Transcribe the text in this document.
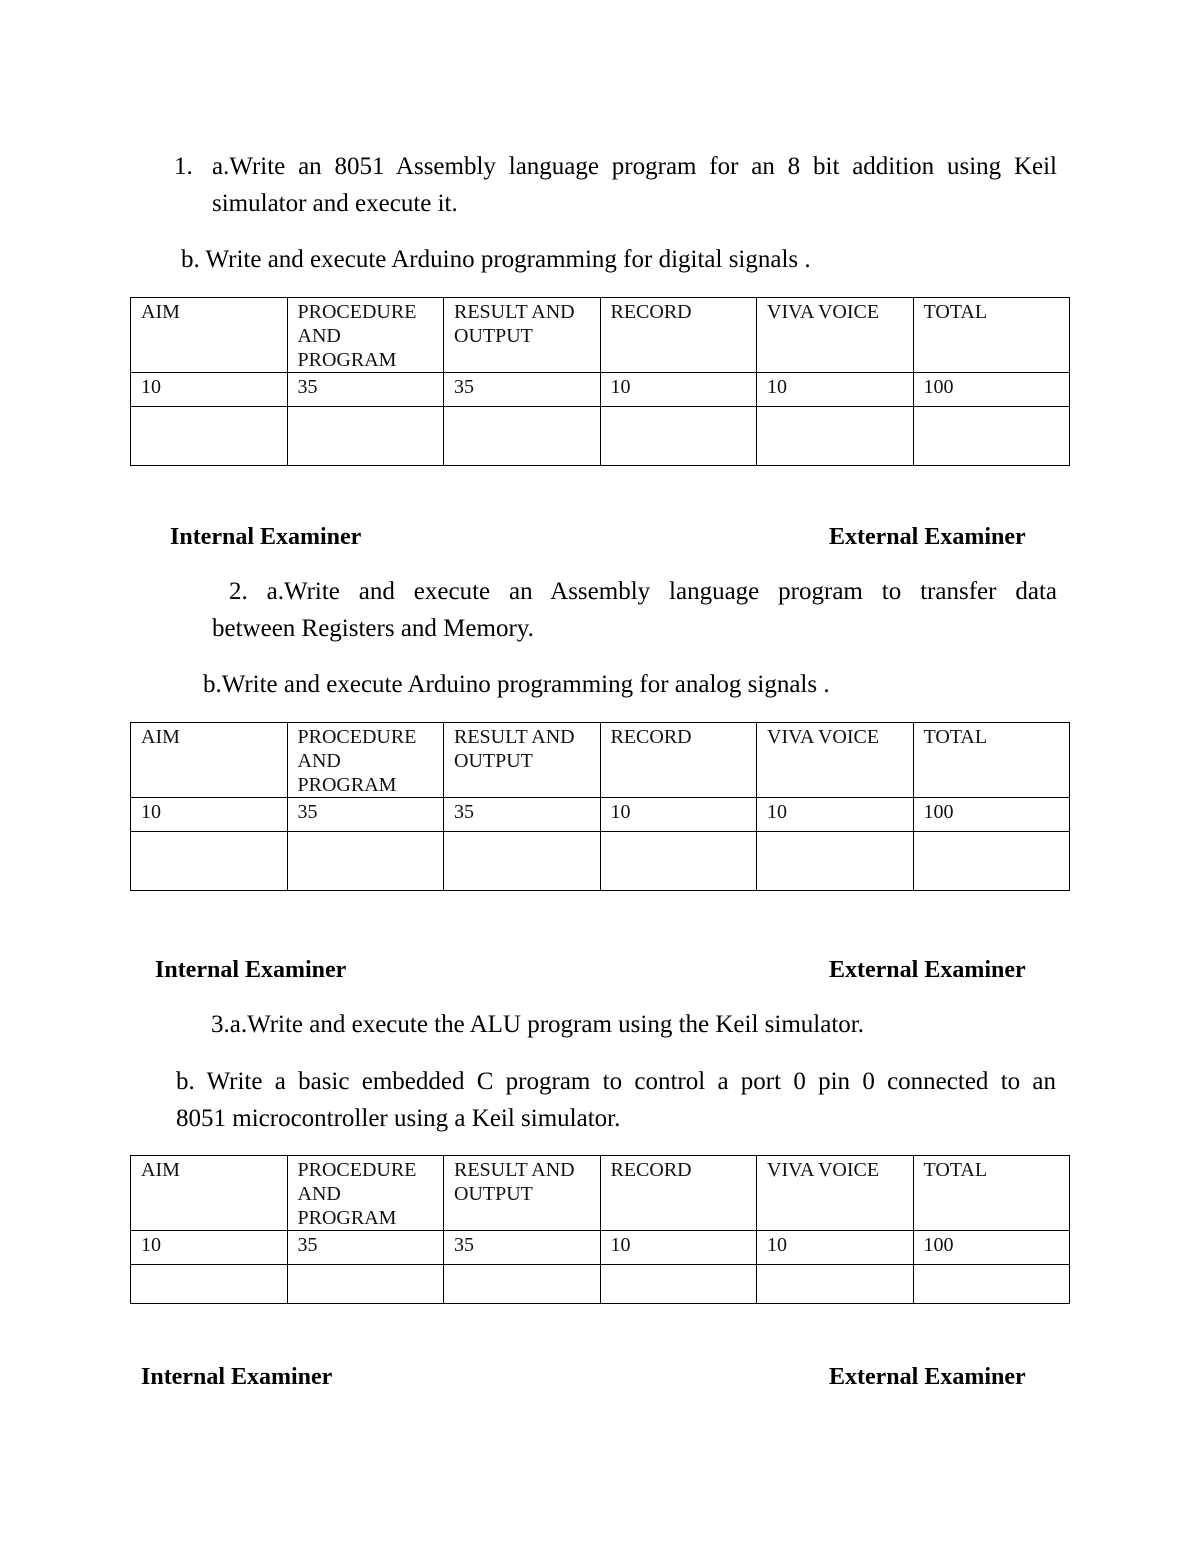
1. a.Write an 8051 Assembly language program for an 8 bit addition using Keil
simulator and execute it.
b. Write and execute Arduino programming for digital signals .
AIM	PROCEDURE AND PROGRAM	RESULT AND OUTPUT	RECORD	VIVA VOICE	TOTAL
10	35	35	10	10	100

Internal Examiner	External Examiner
2. a.Write and execute an Assembly language program to transfer data
between Registers and Memory.
b.Write and execute Arduino programming for analog signals .
AIM	PROCEDURE AND PROGRAM	RESULT AND OUTPUT	RECORD	VIVA VOICE	TOTAL
10	35	35	10	10	100

Internal Examiner	External Examiner
3.a.Write and execute the ALU program using the Keil simulator.
b. Write a basic embedded C program to control a port 0 pin 0 connected to an
8051 microcontroller using a Keil simulator.
AIM	PROCEDURE AND PROGRAM	RESULT AND OUTPUT	RECORD	VIVA VOICE	TOTAL
10	35	35	10	10	100

Internal Examiner	External Examiner
